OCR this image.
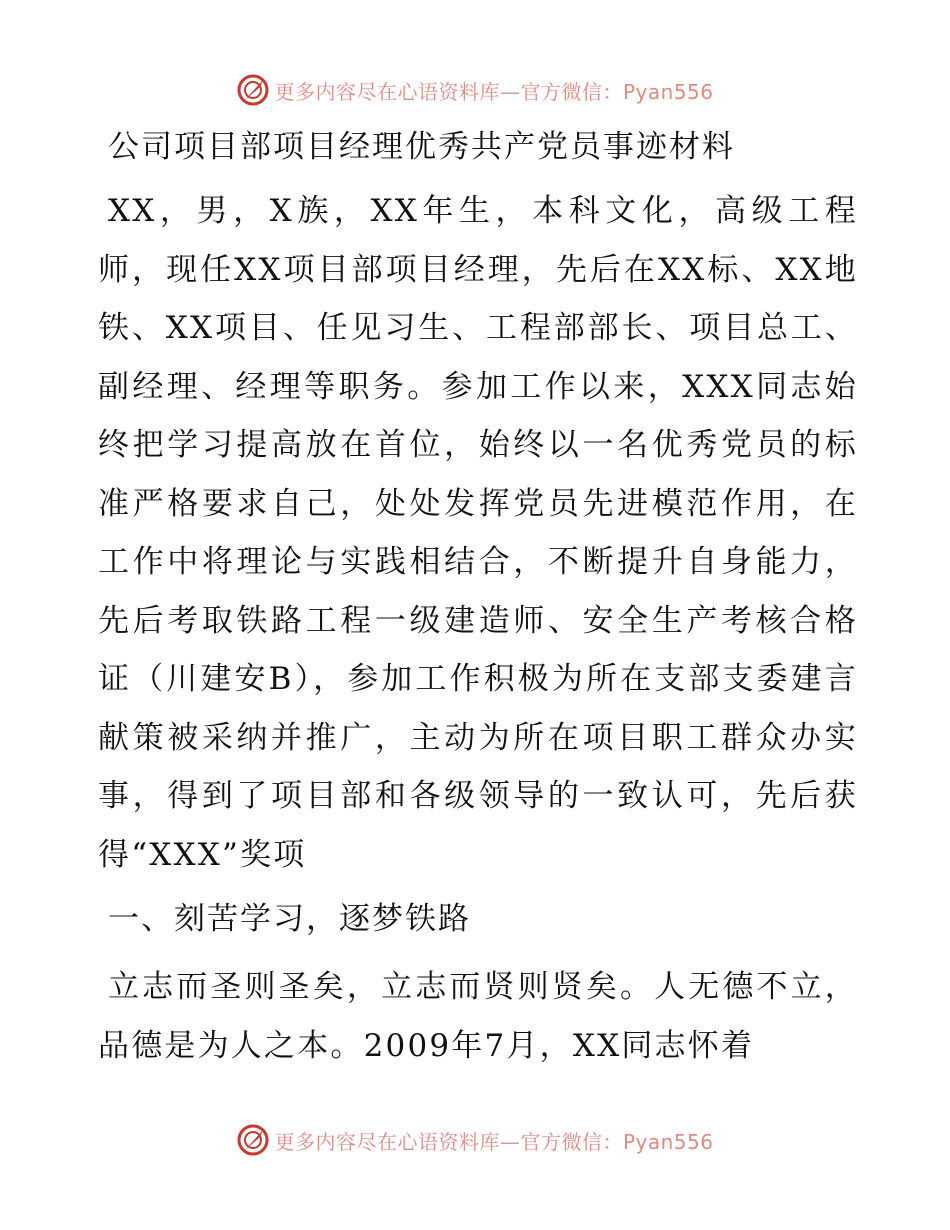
更多内容尽在心语资料库—官方微信：Pyan556
公司项目部项目经理优秀共产党员事迹材料

XX，男，X族，XX年生，本科文化，高级工程师，现任XX项目部项目经理，先后在XX标、XX地铁、XX项目、任见习生、工程部部长、项目总工、副经理、经理等职务。参加工作以来，XXX同志始终把学习提高放在首位，始终以一名优秀党员的标准严格要求自己，处处发挥党员先进模范作用，在工作中将理论与实践相结合，不断提升自身能力，先后考取铁路工程一级建造师、安全生产考核合格证（川建安B），参加工作积极为所在支部支委建言献策被采纳并推广，主动为所在项目职工群众办实事，得到了项目部和各级领导的一致认可，先后获得“XXX”奖项

一、刻苦学习，逐梦铁路

立志而圣则圣矣，立志而贤则贤矣。人无德不立，品德是为人之本。2009年7月，XX同志怀着

更多内容尽在心语资料库—官方微信：Pyan556
